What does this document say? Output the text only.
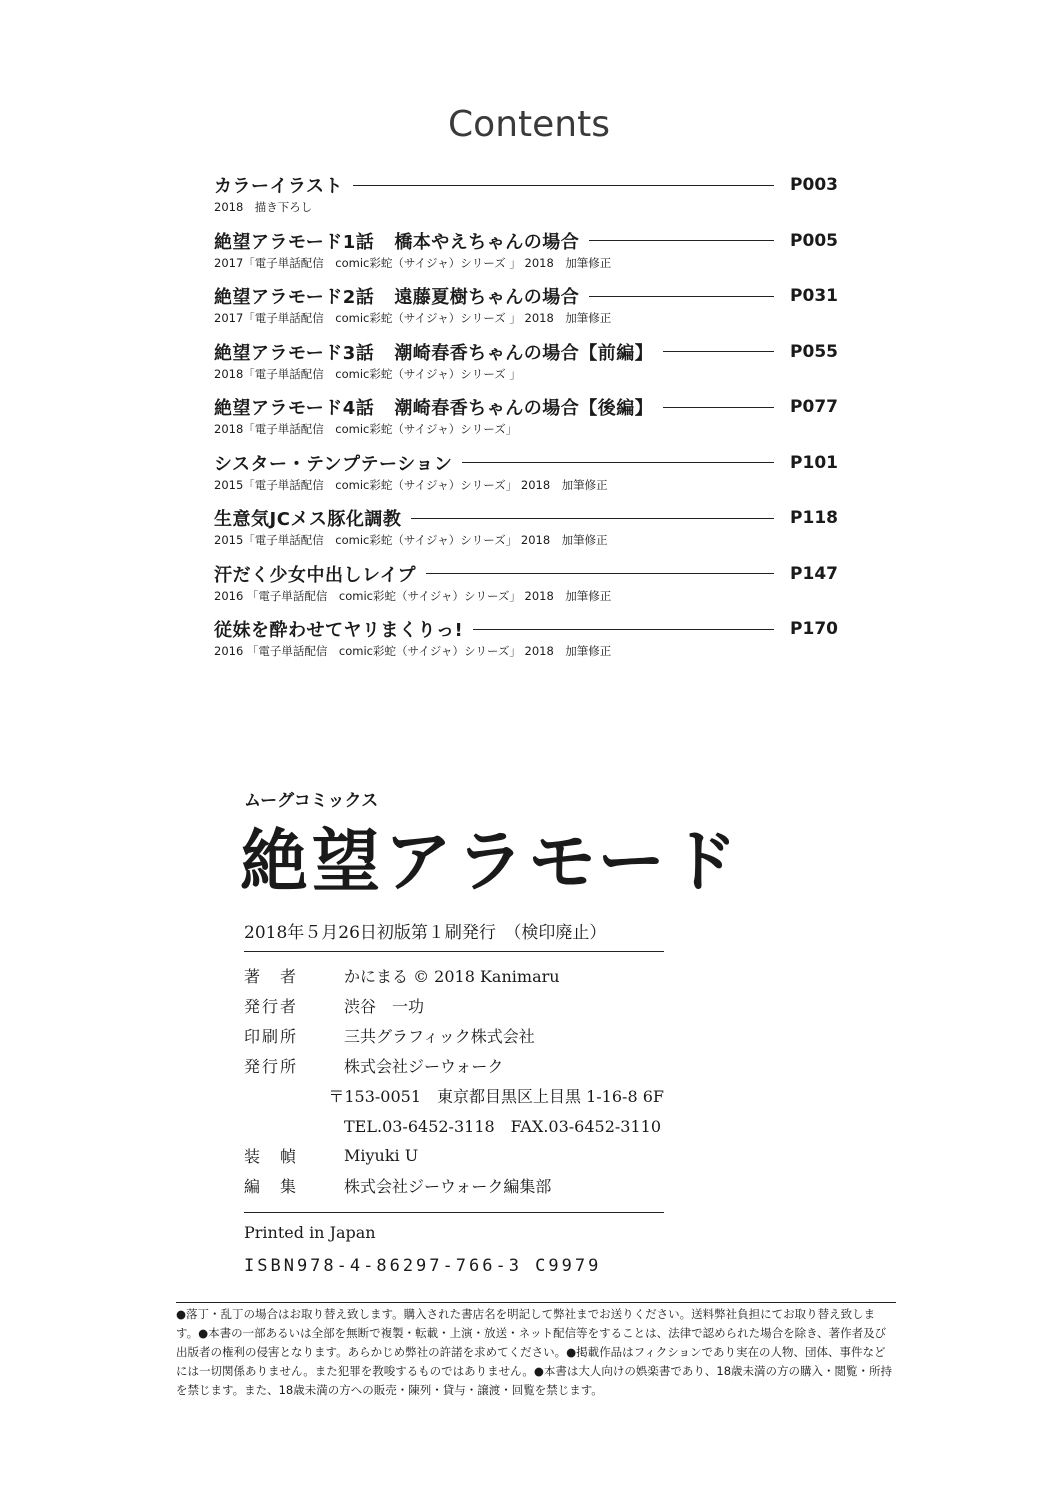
Contents
カラーイラスト	P003
2018　描き下ろし
絶望アラモード1話 橋本やえちゃんの場合	P005
2017「電子単話配信　comic彩蛇（サイジャ）シリーズ 」 2018　加筆修正
絶望アラモード2話 遠藤夏樹ちゃんの場合	P031
2017「電子単話配信　comic彩蛇（サイジャ）シリーズ 」 2018　加筆修正
絶望アラモード3話 潮崎春香ちゃんの場合【前編】	P055
2018「電子単話配信　comic彩蛇（サイジャ）シリーズ 」
絶望アラモード4話 潮崎春香ちゃんの場合【後編】	P077
2018「電子単話配信　comic彩蛇（サイジャ）シリーズ」
シスター・テンプテーション	P101
2015「電子単話配信　comic彩蛇（サイジャ）シリーズ」 2018　加筆修正
生意気JCメス豚化調教	P118
2015「電子単話配信　comic彩蛇（サイジャ）シリーズ」 2018　加筆修正
汗だく少女中出しレイプ	P147
2016 「電子単話配信　comic彩蛇（サイジャ）シリーズ」 2018　加筆修正
従妹を酔わせてヤリまくりっ!	P170
2016 「電子単話配信　comic彩蛇（サイジャ）シリーズ」 2018　加筆修正
ムーグコミックス
絶望アラモード
2018年５月26日初版第１刷発行　（検印廃止）
著　者	かにまる © 2018 Kanimaru
発行者	渋谷　一功
印刷所	三共グラフィック株式会社
発行所	株式会社ジーウォーク
〒153-0051　東京都目黒区上目黒 1-16-8 6F
TEL.03-6452-3118　FAX.03-6452-3110
装　幀	Miyuki U
編　集	株式会社ジーウォーク編集部
Printed in Japan
ISBN978-4-86297-766-3 C9979
●落丁・乱丁の場合はお取り替え致します。購入された書店名を明記して弊社までお送りください。送料弊社負担にてお取り替え致します。●本書の一部あるいは全部を無断で複製・転載・上演・放送・ネット配信等をすることは、法律で認められた場合を除き、著作者及び出版者の権利の侵害となります。あらかじめ弊社の許諾を求めてください。●掲載作品はフィクションであり実在の人物、団体、事件などには一切関係ありません。また犯罪を教唆するものではありません。●本書は大人向けの娯楽書であり、18歳未満の方の購入・閲覧・所持を禁じます。また、18歳未満の方への販売・陳列・貸与・譲渡・回覧を禁じます。
